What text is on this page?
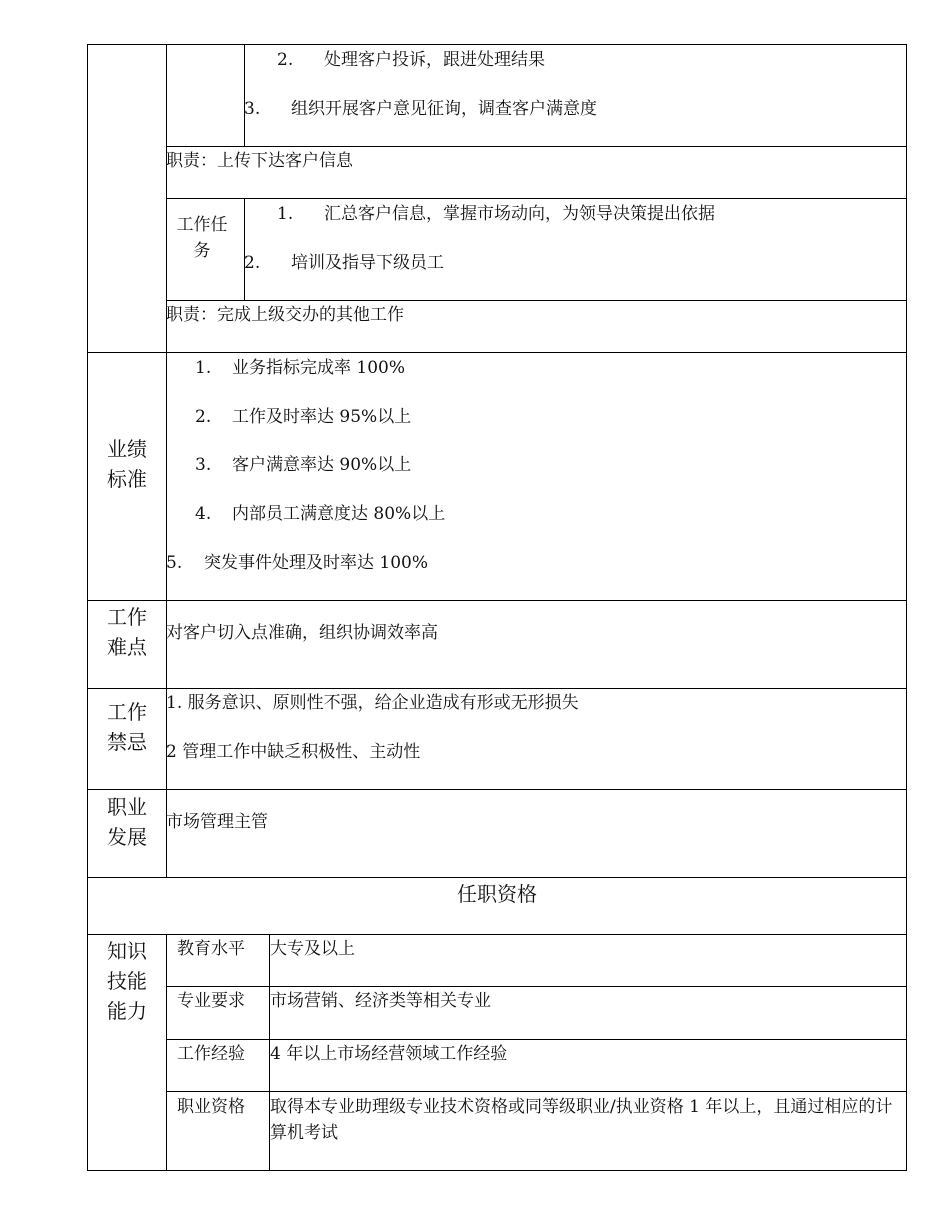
2. 处理客户投诉，跟进处理结果
3. 组织开展客户意见征询，调查客户满意度
职责：上传下达客户信息
工作任务
1. 汇总客户信息，掌握市场动向，为领导决策提出依据
2. 培训及指导下级员工
职责：完成上级交办的其他工作
业绩标准
1. 业务指标完成率 100%
2. 工作及时率达 95%以上
3. 客户满意率达 90%以上
4. 内部员工满意度达 80%以上
5. 突发事件处理及时率达 100%
工作难点
对客户切入点准确，组织协调效率高
工作禁忌
1. 服务意识、原则性不强，给企业造成有形或无形损失
2 管理工作中缺乏积极性、主动性
职业发展
市场管理主管
任职资格
知识技能能力
教育水平 大专及以上
专业要求 市场营销、经济类等相关专业
工作经验 4 年以上市场经营领域工作经验
职业资格 取得本专业助理级专业技术资格或同等级职业/执业资格 1 年以上，且通过相应的计算机考试
